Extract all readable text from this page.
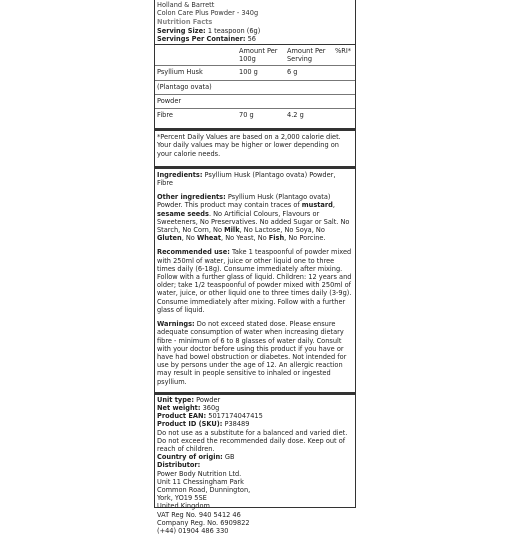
Holland & Barrett

Colon Care Plus Powder - 340g

Nutrition Facts

Serving Size: 1 teaspoon (6g)

Servings Per Container: 56

	Amount Per 100g	Amount Per Serving	%RI*
Psyllium Husk	100 g	6 g	
(Plantago ovata)			
Powder			
Fibre	70 g	4.2 g	

*Percent Daily Values are based on a 2,000 calorie diet. Your daily values may be higher or lower depending on your calorie needs.

Ingredients: Psyllium Husk (Plantago ovata) Powder, Fibre

Other ingredients: Psyllium Husk (Plantago ovata) Powder. This product may contain traces of mustard, sesame seeds. No Artificial Colours, Flavours or Sweeteners, No Preservatives. No added Sugar or Salt. No Starch, No Corn, No Milk, No Lactose, No Soya, No Gluten, No Wheat, No Yeast, No Fish, No Porcine.

Recommended use: Take 1 teaspoonful of powder mixed with 250ml of water, juice or other liquid one to three times daily (6-18g). Consume immediately after mixing. Follow with a further glass of liquid. Children: 12 years and older; take 1/2 teaspoonful of powder mixed with 250ml of water, juice, or other liquid one to three times daily (3-9g). Consume immediately after mixing. Follow with a further glass of liquid.

Warnings: Do not exceed stated dose. Please ensure adequate consumption of water when increasing dietary fibre - minimum of 6 to 8 glasses of water daily. Consult with your doctor before using this product if you have or have had bowel obstruction or diabetes. Not intended for use by persons under the age of 12. An allergic reaction may result in people sensitive to inhaled or ingested psyllium.

Unit type: Powder

Net weight: 360g

Product EAN: 5017174047415

Product ID (SKU): P38489

Do not use as a substitute for a balanced and varied diet. Do not exceed the recommended daily dose. Keep out of reach of children.

Country of origin: GB

Distributor:

Power Body Nutrition Ltd.

Unit 11 Chessingham Park

Common Road, Dunnington,

York, YO19 5SE

United Kingdom

VAT Reg No. 940 5412 46

Company Reg. No. 6909822

(+44) 01904 486 330
